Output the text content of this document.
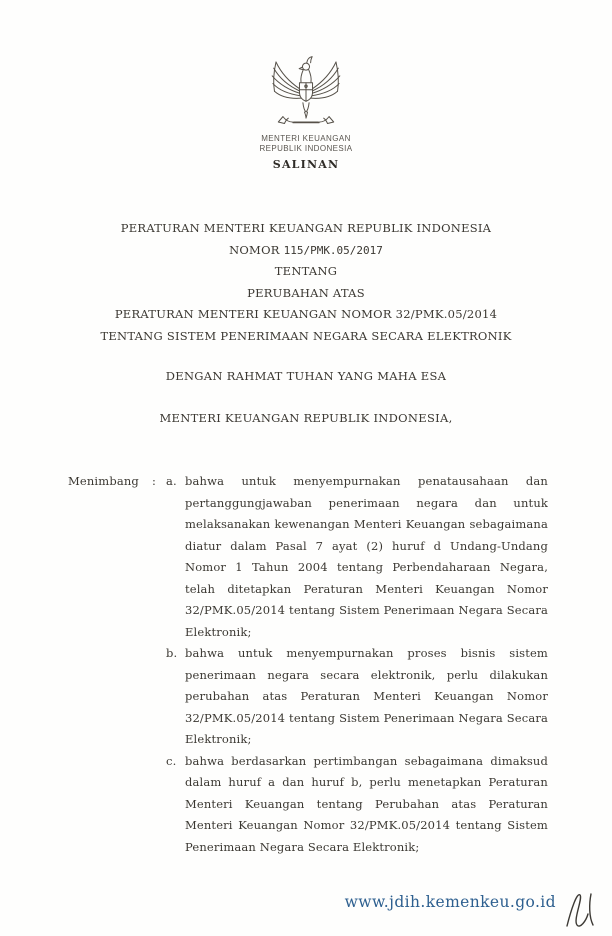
MENTERI KEUANGAN
REPUBLIK INDONESIA
SALINAN
PERATURAN MENTERI KEUANGAN REPUBLIK INDONESIA
NOMOR 115/PMK.05/2017
TENTANG
PERUBAHAN ATAS
PERATURAN MENTERI KEUANGAN NOMOR 32/PMK.05/2014
TENTANG SISTEM PENERIMAAN NEGARA SECARA ELEKTRONIK
DENGAN RAHMAT TUHAN YANG MAHA ESA
MENTERI KEUANGAN REPUBLIK INDONESIA,
Menimbang	: a. bahwa untuk menyempurnakan penatausahaan dan pertanggungjawaban penerimaan negara dan untuk melaksanakan kewenangan Menteri Keuangan sebagaimana diatur dalam Pasal 7 ayat (2) huruf d Undang-Undang Nomor 1 Tahun 2004 tentang Perbendaharaan Negara, telah ditetapkan Peraturan Menteri Keuangan Nomor 32/PMK.05/2014 tentang Sistem Penerimaan Negara Secara Elektronik;
b. bahwa untuk menyempurnakan proses bisnis sistem penerimaan negara secara elektronik, perlu dilakukan perubahan atas Peraturan Menteri Keuangan Nomor 32/PMK.05/2014 tentang Sistem Penerimaan Negara Secara Elektronik;
c. bahwa berdasarkan pertimbangan sebagaimana dimaksud dalam huruf a dan huruf b, perlu menetapkan Peraturan Menteri Keuangan tentang Perubahan atas Peraturan Menteri Keuangan Nomor 32/PMK.05/2014 tentang Sistem Penerimaan Negara Secara Elektronik;
www.jdih.kemenkeu.go.id
